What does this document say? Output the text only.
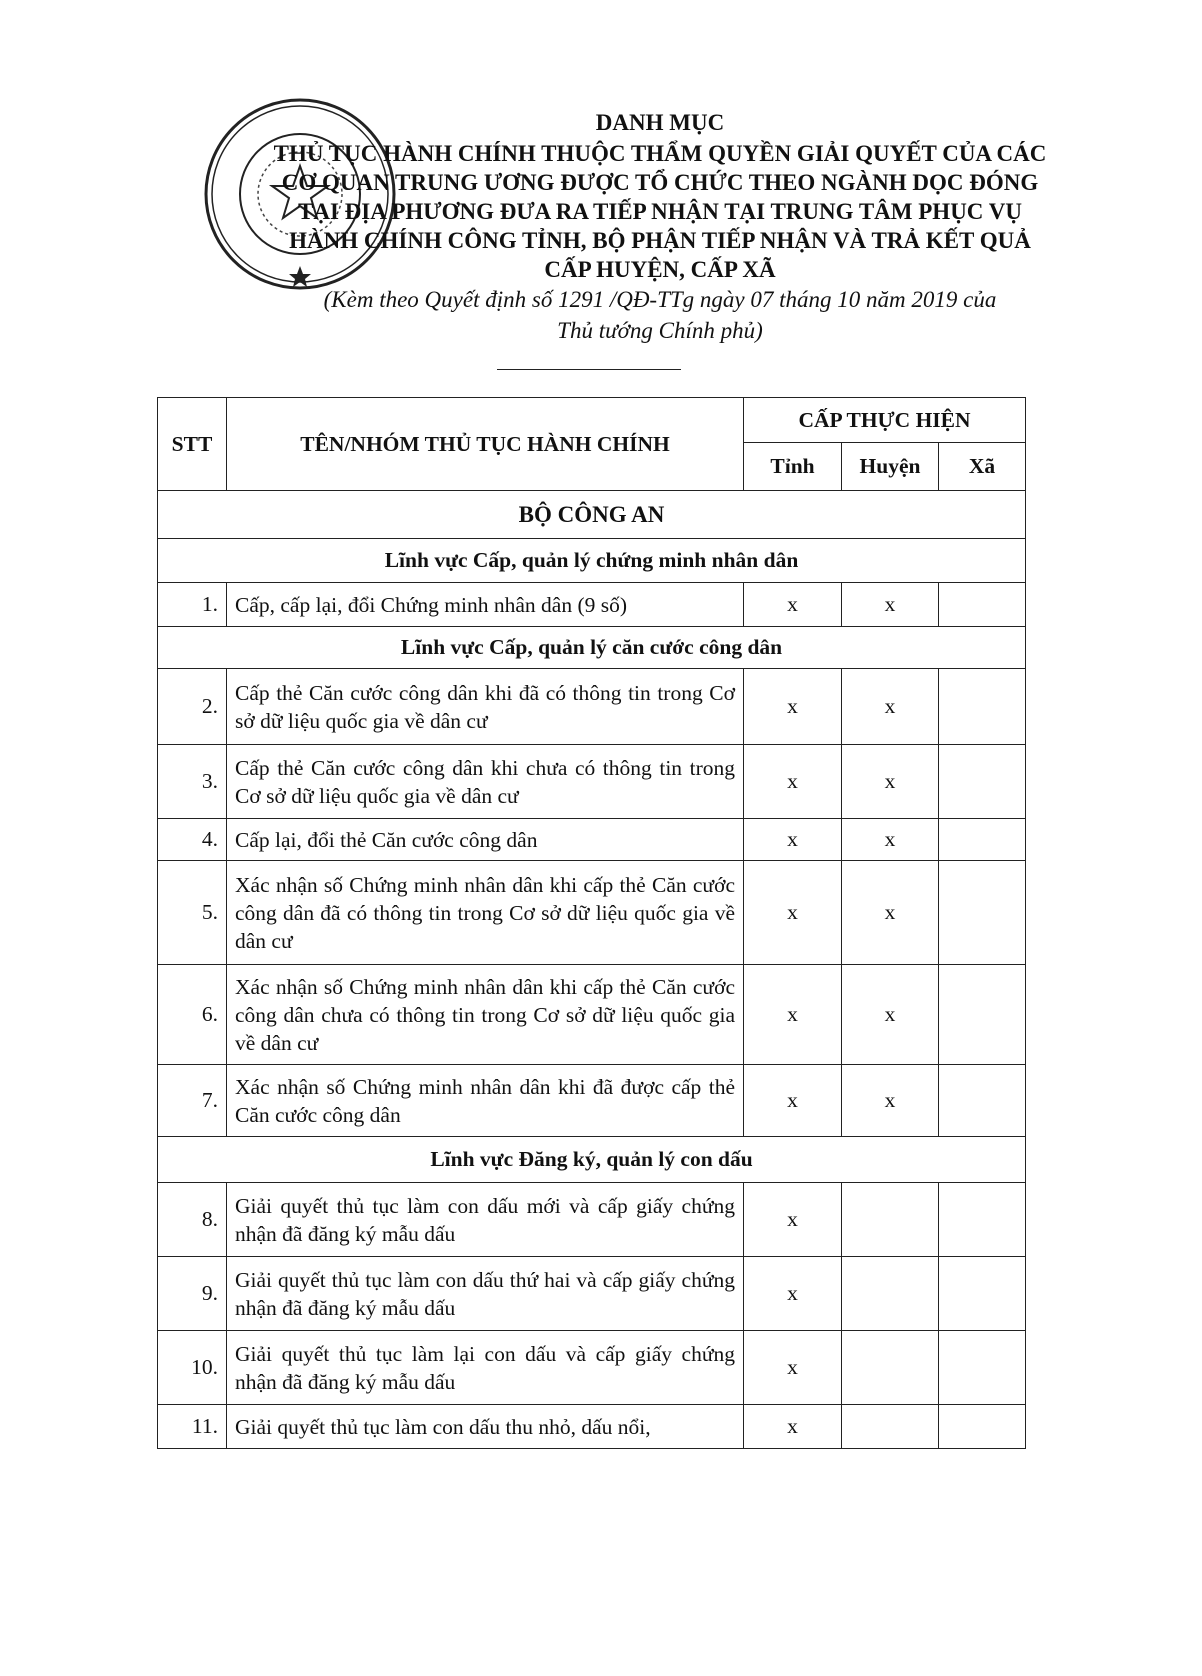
DANH MỤC
THỦ TỤC HÀNH CHÍNH THUỘC THẨM QUYỀN GIẢI QUYẾT CỦA CÁC
CƠ QUAN TRUNG ƯƠNG ĐƯỢC TỔ CHỨC THEO NGÀNH DỌC ĐÓNG
TẠI ĐỊA PHƯƠNG ĐƯA RA TIẾP NHẬN TẠI TRUNG TÂM PHỤC VỤ
HÀNH CHÍNH CÔNG TỈNH, BỘ PHẬN TIẾP NHẬN VÀ TRẢ KẾT QUẢ
CẤP HUYỆN, CẤP XÃ
(Kèm theo Quyết định số 1291 /QĐ-TTg ngày 07 tháng 10 năm 2019 của
Thủ tướng Chính phủ)
STT	TÊN/NHÓM THỦ TỤC HÀNH CHÍNH	CẤP THỰC HIỆN		
		Tỉnh	Huyện	Xã
BỘ CÔNG AN				
Lĩnh vực Cấp, quản lý chứng minh nhân dân				
1.	Cấp, cấp lại, đổi Chứng minh nhân dân (9 số)	x	x	
Lĩnh vực Cấp, quản lý căn cước công dân				
2.	Cấp thẻ Căn cước công dân khi đã có thông tin trong Cơ sở dữ liệu quốc gia về dân cư	x	x	
3.	Cấp thẻ Căn cước công dân khi chưa có thông tin trong Cơ sở dữ liệu quốc gia về dân cư	x	x	
4.	Cấp lại, đổi thẻ Căn cước công dân	x	x	
5.	Xác nhận số Chứng minh nhân dân khi cấp thẻ Căn cước công dân đã có thông tin trong Cơ sở dữ liệu quốc gia về dân cư	x	x	
6.	Xác nhận số Chứng minh nhân dân khi cấp thẻ Căn cước công dân chưa có thông tin trong Cơ sở dữ liệu quốc gia về dân cư	x	x	
7.	Xác nhận số Chứng minh nhân dân khi đã được cấp thẻ Căn cước công dân	x	x	
Lĩnh vực Đăng ký, quản lý con dấu				
8.	Giải quyết thủ tục làm con dấu mới và cấp giấy chứng nhận đã đăng ký mẫu dấu	x		
9.	Giải quyết thủ tục làm con dấu thứ hai và cấp giấy chứng nhận đã đăng ký mẫu dấu	x		
10.	Giải quyết thủ tục làm lại con dấu và cấp giấy chứng nhận đã đăng ký mẫu dấu	x		
11.	Giải quyết thủ tục làm con dấu thu nhỏ, dấu nổi,	x		
